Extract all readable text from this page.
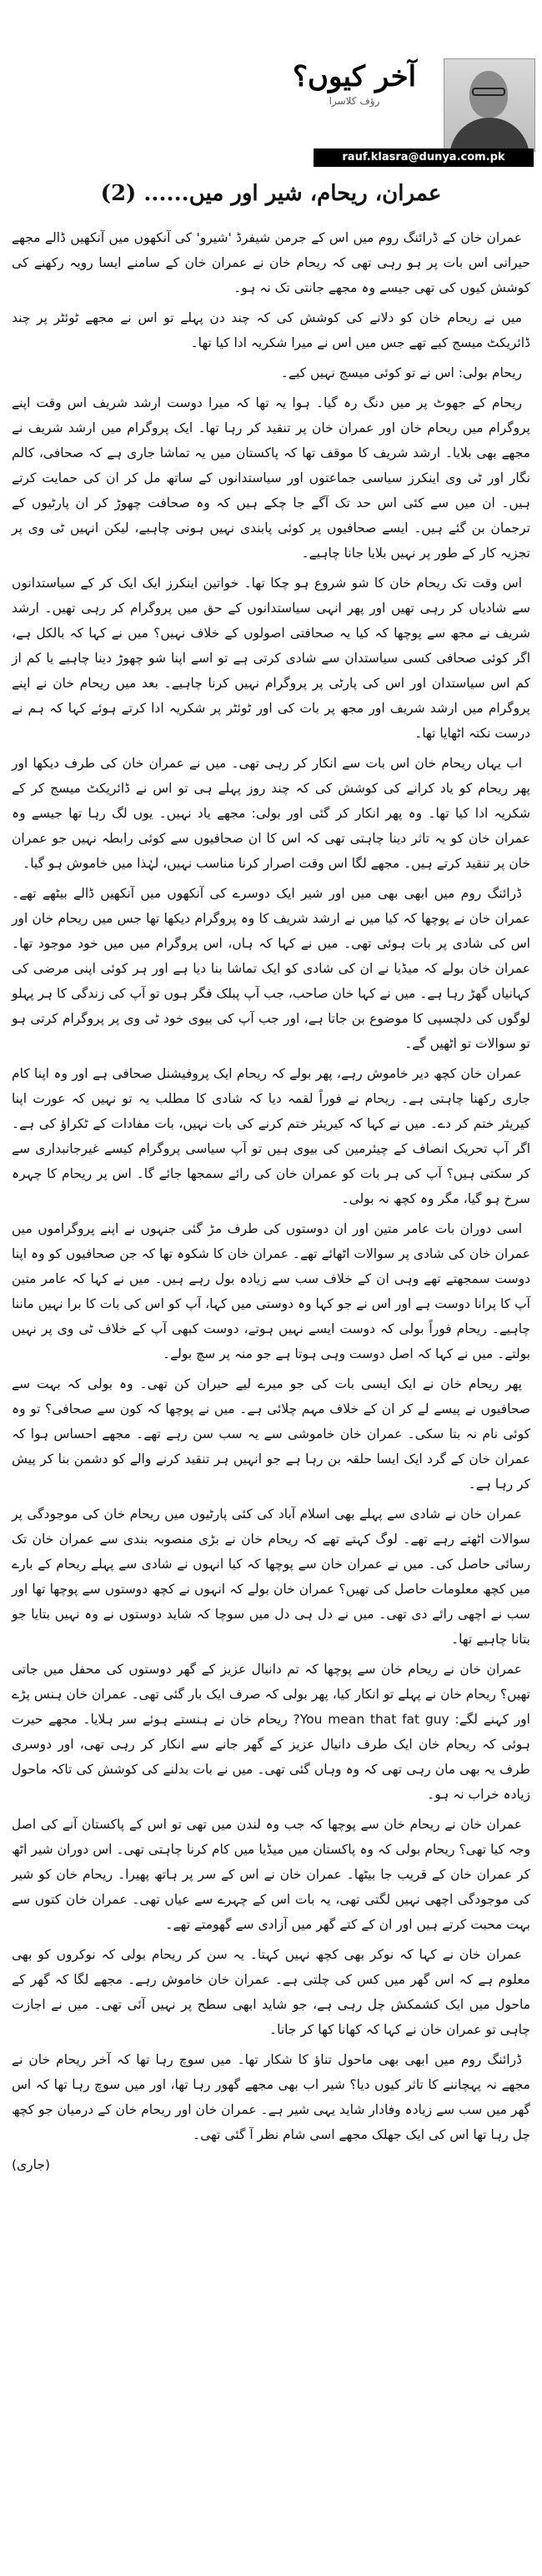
آخر کیوں؟
رؤف کلاسرا
rauf.klasra@dunya.com.pk
عمران، ریحام، شیر اور میں...... (2)

عمران خان کے ڈرائنگ روم میں اس کے جرمن شیفرڈ 'شیرو' کی آنکھوں میں آنکھیں ڈالے مجھے حیرانی اس بات پر ہو رہی تھی کہ ریحام خان نے عمران خان کے سامنے ایسا رویہ رکھنے کی کوشش کیوں کی تھی جیسے وہ مجھے جانتی تک نہ ہو۔

میں نے ریحام خان کو دلانے کی کوشش کی کہ چند دن پہلے تو اس نے مجھے ٹوئٹر پر چند ڈائریکٹ میسج کیے تھے جس میں اس نے میرا شکریہ ادا کیا تھا۔

ریحام بولی: اس نے تو کوئی میسج نہیں کیے۔

ریحام کے جھوٹ پر میں دنگ رہ گیا۔ ہوا یہ تھا کہ میرا دوست ارشد شریف اس وقت اپنے پروگرام میں ریحام خان اور عمران خان پر تنقید کر رہا تھا۔ ایک پروگرام میں ارشد شریف نے مجھے بھی بلایا۔ ارشد شریف کا موقف تھا کہ پاکستان میں یہ تماشا جاری ہے کہ صحافی، کالم نگار اور ٹی وی اینکرز سیاسی جماعتوں اور سیاستدانوں کے ساتھ مل کر ان کی حمایت کرتے ہیں۔ ان میں سے کئی اس حد تک آگے جا چکے ہیں کہ وہ صحافت چھوڑ کر ان پارٹیوں کے ترجمان بن گئے ہیں۔ ایسے صحافیوں پر کوئی پابندی نہیں ہونی چاہیے، لیکن انہیں ٹی وی پر تجزیہ کار کے طور پر نہیں بلایا جانا چاہیے۔

اس وقت تک ریحام خان کا شو شروع ہو چکا تھا۔ خواتین اینکرز ایک ایک کر کے سیاستدانوں سے شادیاں کر رہی تھیں اور پھر انہی سیاستدانوں کے حق میں پروگرام کر رہی تھیں۔ ارشد شریف نے مجھ سے پوچھا کہ کیا یہ صحافتی اصولوں کے خلاف نہیں؟ میں نے کہا کہ بالکل ہے، اگر کوئی صحافی کسی سیاستدان سے شادی کرتی ہے تو اسے اپنا شو چھوڑ دینا چاہیے یا کم از کم اس سیاستدان اور اس کی پارٹی پر پروگرام نہیں کرنا چاہیے۔ بعد میں ریحام خان نے اپنے پروگرام میں ارشد شریف اور مجھ پر بات کی اور ٹوئٹر پر شکریہ ادا کرتے ہوئے کہا کہ ہم نے درست نکتہ اٹھایا تھا۔

اب یہاں ریحام خان اس بات سے انکار کر رہی تھی۔ میں نے عمران خان کی طرف دیکھا اور پھر ریحام کو یاد کرانے کی کوشش کی کہ چند روز پہلے ہی تو اس نے ڈائریکٹ میسج کر کے شکریہ ادا کیا تھا۔ وہ پھر انکار کر گئی اور بولی: مجھے یاد نہیں۔ یوں لگ رہا تھا جیسے وہ عمران خان کو یہ تاثر دینا چاہتی تھی کہ اس کا ان صحافیوں سے کوئی رابطہ نہیں جو عمران خان پر تنقید کرتے ہیں۔ مجھے لگا اس وقت اصرار کرنا مناسب نہیں، لہٰذا میں خاموش ہو گیا۔

ڈرائنگ روم میں ابھی بھی میں اور شیر ایک دوسرے کی آنکھوں میں آنکھیں ڈالے بیٹھے تھے۔ عمران خان نے پوچھا کہ کیا میں نے ارشد شریف کا وہ پروگرام دیکھا تھا جس میں ریحام خان اور اس کی شادی پر بات ہوئی تھی۔ میں نے کہا کہ ہاں، اس پروگرام میں میں خود موجود تھا۔ عمران خان بولے کہ میڈیا نے ان کی شادی کو ایک تماشا بنا دیا ہے اور ہر کوئی اپنی مرضی کی کہانیاں گھڑ رہا ہے۔ میں نے کہا خان صاحب، جب آپ پبلک فگر ہوں تو آپ کی زندگی کا ہر پہلو لوگوں کی دلچسپی کا موضوع بن جاتا ہے، اور جب آپ کی بیوی خود ٹی وی پر پروگرام کرتی ہو تو سوالات تو اٹھیں گے۔

عمران خان کچھ دیر خاموش رہے، پھر بولے کہ ریحام ایک پروفیشنل صحافی ہے اور وہ اپنا کام جاری رکھنا چاہتی ہے۔ ریحام نے فوراً لقمہ دیا کہ شادی کا مطلب یہ تو نہیں کہ عورت اپنا کیریئر ختم کر دے۔ میں نے کہا کہ کیریئر ختم کرنے کی بات نہیں، بات مفادات کے ٹکراؤ کی ہے۔ اگر آپ تحریک انصاف کے چیئرمین کی بیوی ہیں تو آپ سیاسی پروگرام کیسے غیرجانبداری سے کر سکتی ہیں؟ آپ کی ہر بات کو عمران خان کی رائے سمجھا جائے گا۔ اس پر ریحام کا چہرہ سرخ ہو گیا، مگر وہ کچھ نہ بولی۔

اسی دوران بات عامر متین اور ان دوستوں کی طرف مڑ گئی جنہوں نے اپنے پروگراموں میں عمران خان کی شادی پر سوالات اٹھائے تھے۔ عمران خان کا شکوہ تھا کہ جن صحافیوں کو وہ اپنا دوست سمجھتے تھے وہی ان کے خلاف سب سے زیادہ بول رہے ہیں۔ میں نے کہا کہ عامر متین آپ کا پرانا دوست ہے اور اس نے جو کہا وہ دوستی میں کہا، آپ کو اس کی بات کا برا نہیں ماننا چاہیے۔ ریحام فوراً بولی کہ دوست ایسے نہیں ہوتے، دوست کبھی آپ کے خلاف ٹی وی پر نہیں بولتے۔ میں نے کہا کہ اصل دوست وہی ہوتا ہے جو منہ پر سچ بولے۔

پھر ریحام خان نے ایک ایسی بات کی جو میرے لیے حیران کن تھی۔ وہ بولی کہ بہت سے صحافیوں نے پیسے لے کر ان کے خلاف مہم چلائی ہے۔ میں نے پوچھا کہ کون سے صحافی؟ تو وہ کوئی نام نہ بتا سکی۔ عمران خان خاموشی سے یہ سب سن رہے تھے۔ مجھے احساس ہوا کہ عمران خان کے گرد ایک ایسا حلقہ بن رہا ہے جو انہیں ہر تنقید کرنے والے کو دشمن بنا کر پیش کر رہا ہے۔

عمران خان نے شادی سے پہلے بھی اسلام آباد کی کئی پارٹیوں میں ریحام خان کی موجودگی پر سوالات اٹھتے رہے تھے۔ لوگ کہتے تھے کہ ریحام خان نے بڑی منصوبہ بندی سے عمران خان تک رسائی حاصل کی۔ میں نے عمران خان سے پوچھا کہ کیا انہوں نے شادی سے پہلے ریحام کے بارے میں کچھ معلومات حاصل کی تھیں؟ عمران خان بولے کہ انہوں نے کچھ دوستوں سے پوچھا تھا اور سب نے اچھی رائے دی تھی۔ میں نے دل ہی دل میں سوچا کہ شاید دوستوں نے وہ نہیں بتایا جو بتانا چاہیے تھا۔

عمران خان نے ریحام خان سے پوچھا کہ تم دانیال عزیز کے گھر دوستوں کی محفل میں جاتی تھیں؟ ریحام خان نے پہلے تو انکار کیا، پھر بولی کہ صرف ایک بار گئی تھی۔ عمران خان ہنس پڑے اور کہنے لگے: You mean that fat guy? ریحام خان نے ہنستے ہوئے سر ہلایا۔ مجھے حیرت ہوئی کہ ریحام خان ایک طرف دانیال عزیز کے گھر جانے سے انکار کر رہی تھی، اور دوسری طرف یہ بھی مان رہی تھی کہ وہ وہاں گئی تھی۔ میں نے بات بدلنے کی کوشش کی تاکہ ماحول زیادہ خراب نہ ہو۔

عمران خان نے ریحام خان سے پوچھا کہ جب وہ لندن میں تھی تو اس کے پاکستان آنے کی اصل وجہ کیا تھی؟ ریحام بولی کہ وہ پاکستان میں میڈیا میں کام کرنا چاہتی تھی۔ اس دوران شیر اٹھ کر عمران خان کے قریب جا بیٹھا۔ عمران خان نے اس کے سر پر ہاتھ پھیرا۔ ریحام خان کو شیر کی موجودگی اچھی نہیں لگتی تھی، یہ بات اس کے چہرے سے عیاں تھی۔ عمران خان کتوں سے بہت محبت کرتے ہیں اور ان کے کتے گھر میں آزادی سے گھومتے تھے۔

عمران خان نے کہا کہ نوکر بھی کچھ نہیں کہتا۔ یہ سن کر ریحام بولی کہ نوکروں کو بھی معلوم ہے کہ اس گھر میں کس کی چلتی ہے۔ عمران خان خاموش رہے۔ مجھے لگا کہ گھر کے ماحول میں ایک کشمکش چل رہی ہے، جو شاید ابھی سطح پر نہیں آئی تھی۔ میں نے اجازت چاہی تو عمران خان نے کہا کہ کھانا کھا کر جانا۔

ڈرائنگ روم میں ابھی بھی ماحول تناؤ کا شکار تھا۔ میں سوچ رہا تھا کہ آخر ریحام خان نے مجھے نہ پہچاننے کا تاثر کیوں دیا؟ شیر اب بھی مجھے گھور رہا تھا، اور میں سوچ رہا تھا کہ اس گھر میں سب سے زیادہ وفادار شاید یہی شیر ہے۔ عمران خان اور ریحام خان کے درمیان جو کچھ چل رہا تھا اس کی ایک جھلک مجھے اسی شام نظر آ گئی تھی۔

(جاری)
